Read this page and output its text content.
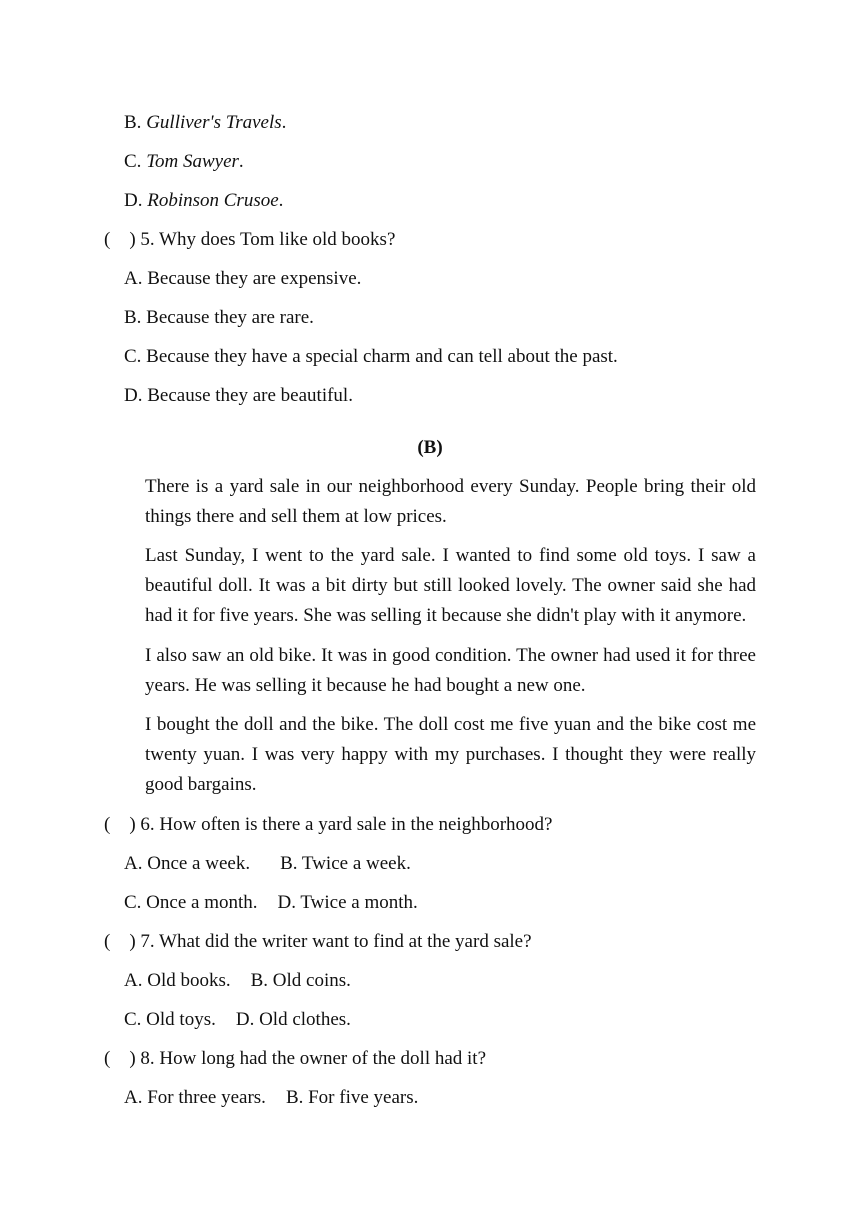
B. Gulliver's Travels.
C. Tom Sawyer.
D. Robinson Crusoe.
(    ) 5. Why does Tom like old books?
A. Because they are expensive.
B. Because they are rare.
C. Because they have a special charm and can tell about the past.
D. Because they are beautiful.
(B)
There is a yard sale in our neighborhood every Sunday. People bring their old things there and sell them at low prices.
Last Sunday, I went to the yard sale. I wanted to find some old toys. I saw a beautiful doll. It was a bit dirty but still looked lovely. The owner said she had had it for five years. She was selling it because she didn't play with it anymore.
I also saw an old bike. It was in good condition. The owner had used it for three years. He was selling it because he had bought a new one.
I bought the doll and the bike. The doll cost me five yuan and the bike cost me twenty yuan. I was very happy with my purchases. I thought they were really good bargains.
(    ) 6. How often is there a yard sale in the neighborhood?
A. Once a week. B. Twice a week.
C. Once a month. D. Twice a month.
(    ) 7. What did the writer want to find at the yard sale?
A. Old books. B. Old coins.
C. Old toys. D. Old clothes.
(    ) 8. How long had the owner of the doll had it?
A. For three years. B. For five years.
